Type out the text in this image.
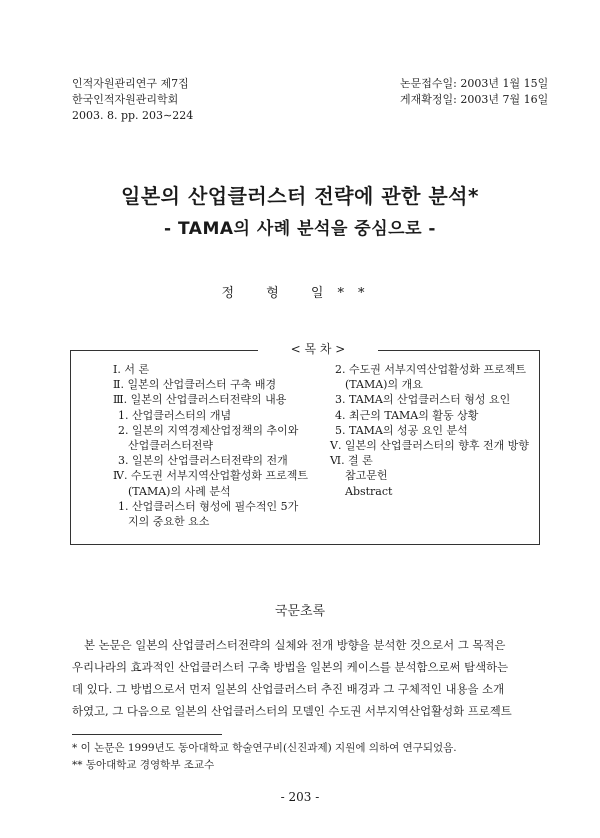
인적자원관리연구 제7집
한국인적자원관리학회
2003. 8. pp. 203∼224
논문접수일: 2003년 1월 15일
게재확정일: 2003년 7월 16일
일본의 산업클러스터 전략에 관한 분석*
- TAMA의 사례 분석을 중심으로 -
정 형 일**
< 목 차 >
Ⅰ. 서 론
Ⅱ. 일본의 산업클러스터 구축 배경
Ⅲ. 일본의 산업클러스터전략의 내용
1. 산업클러스터의 개념
2. 일본의 지역경제산업정책의 추이와
산업클러스터전략
3. 일본의 산업클러스터전략의 전개
Ⅳ. 수도권 서부지역산업활성화 프로젝트
(TAMA)의 사례 분석
1. 산업클러스터 형성에 필수적인 5가
지의 중요한 요소
2. 수도권 서부지역산업활성화 프로젝트
(TAMA)의 개요
3. TAMA의 산업클러스터 형성 요인
4. 최근의 TAMA의 활동 상황
5. TAMA의 성공 요인 분석
Ⅴ. 일본의 산업클러스터의 향후 전개 방향
Ⅵ. 결 론
참고문헌
Abstract
국문초록
본 논문은 일본의 산업클러스터전략의 실체와 전개 방향을 분석한 것으로서 그 목적은
우리나라의 효과적인 산업클러스터 구축 방법을 일본의 케이스를 분석함으로써 탐색하는
데 있다. 그 방법으로서 먼저 일본의 산업클러스터 추진 배경과 그 구체적인 내용을 소개
하였고, 그 다음으로 일본의 산업클러스터의 모델인 수도권 서부지역산업활성화 프로젝트
* 이 논문은 1999년도 동아대학교 학술연구비(신진과제) 지원에 의하여 연구되었음.
** 동아대학교 경영학부 조교수
- 203 -
